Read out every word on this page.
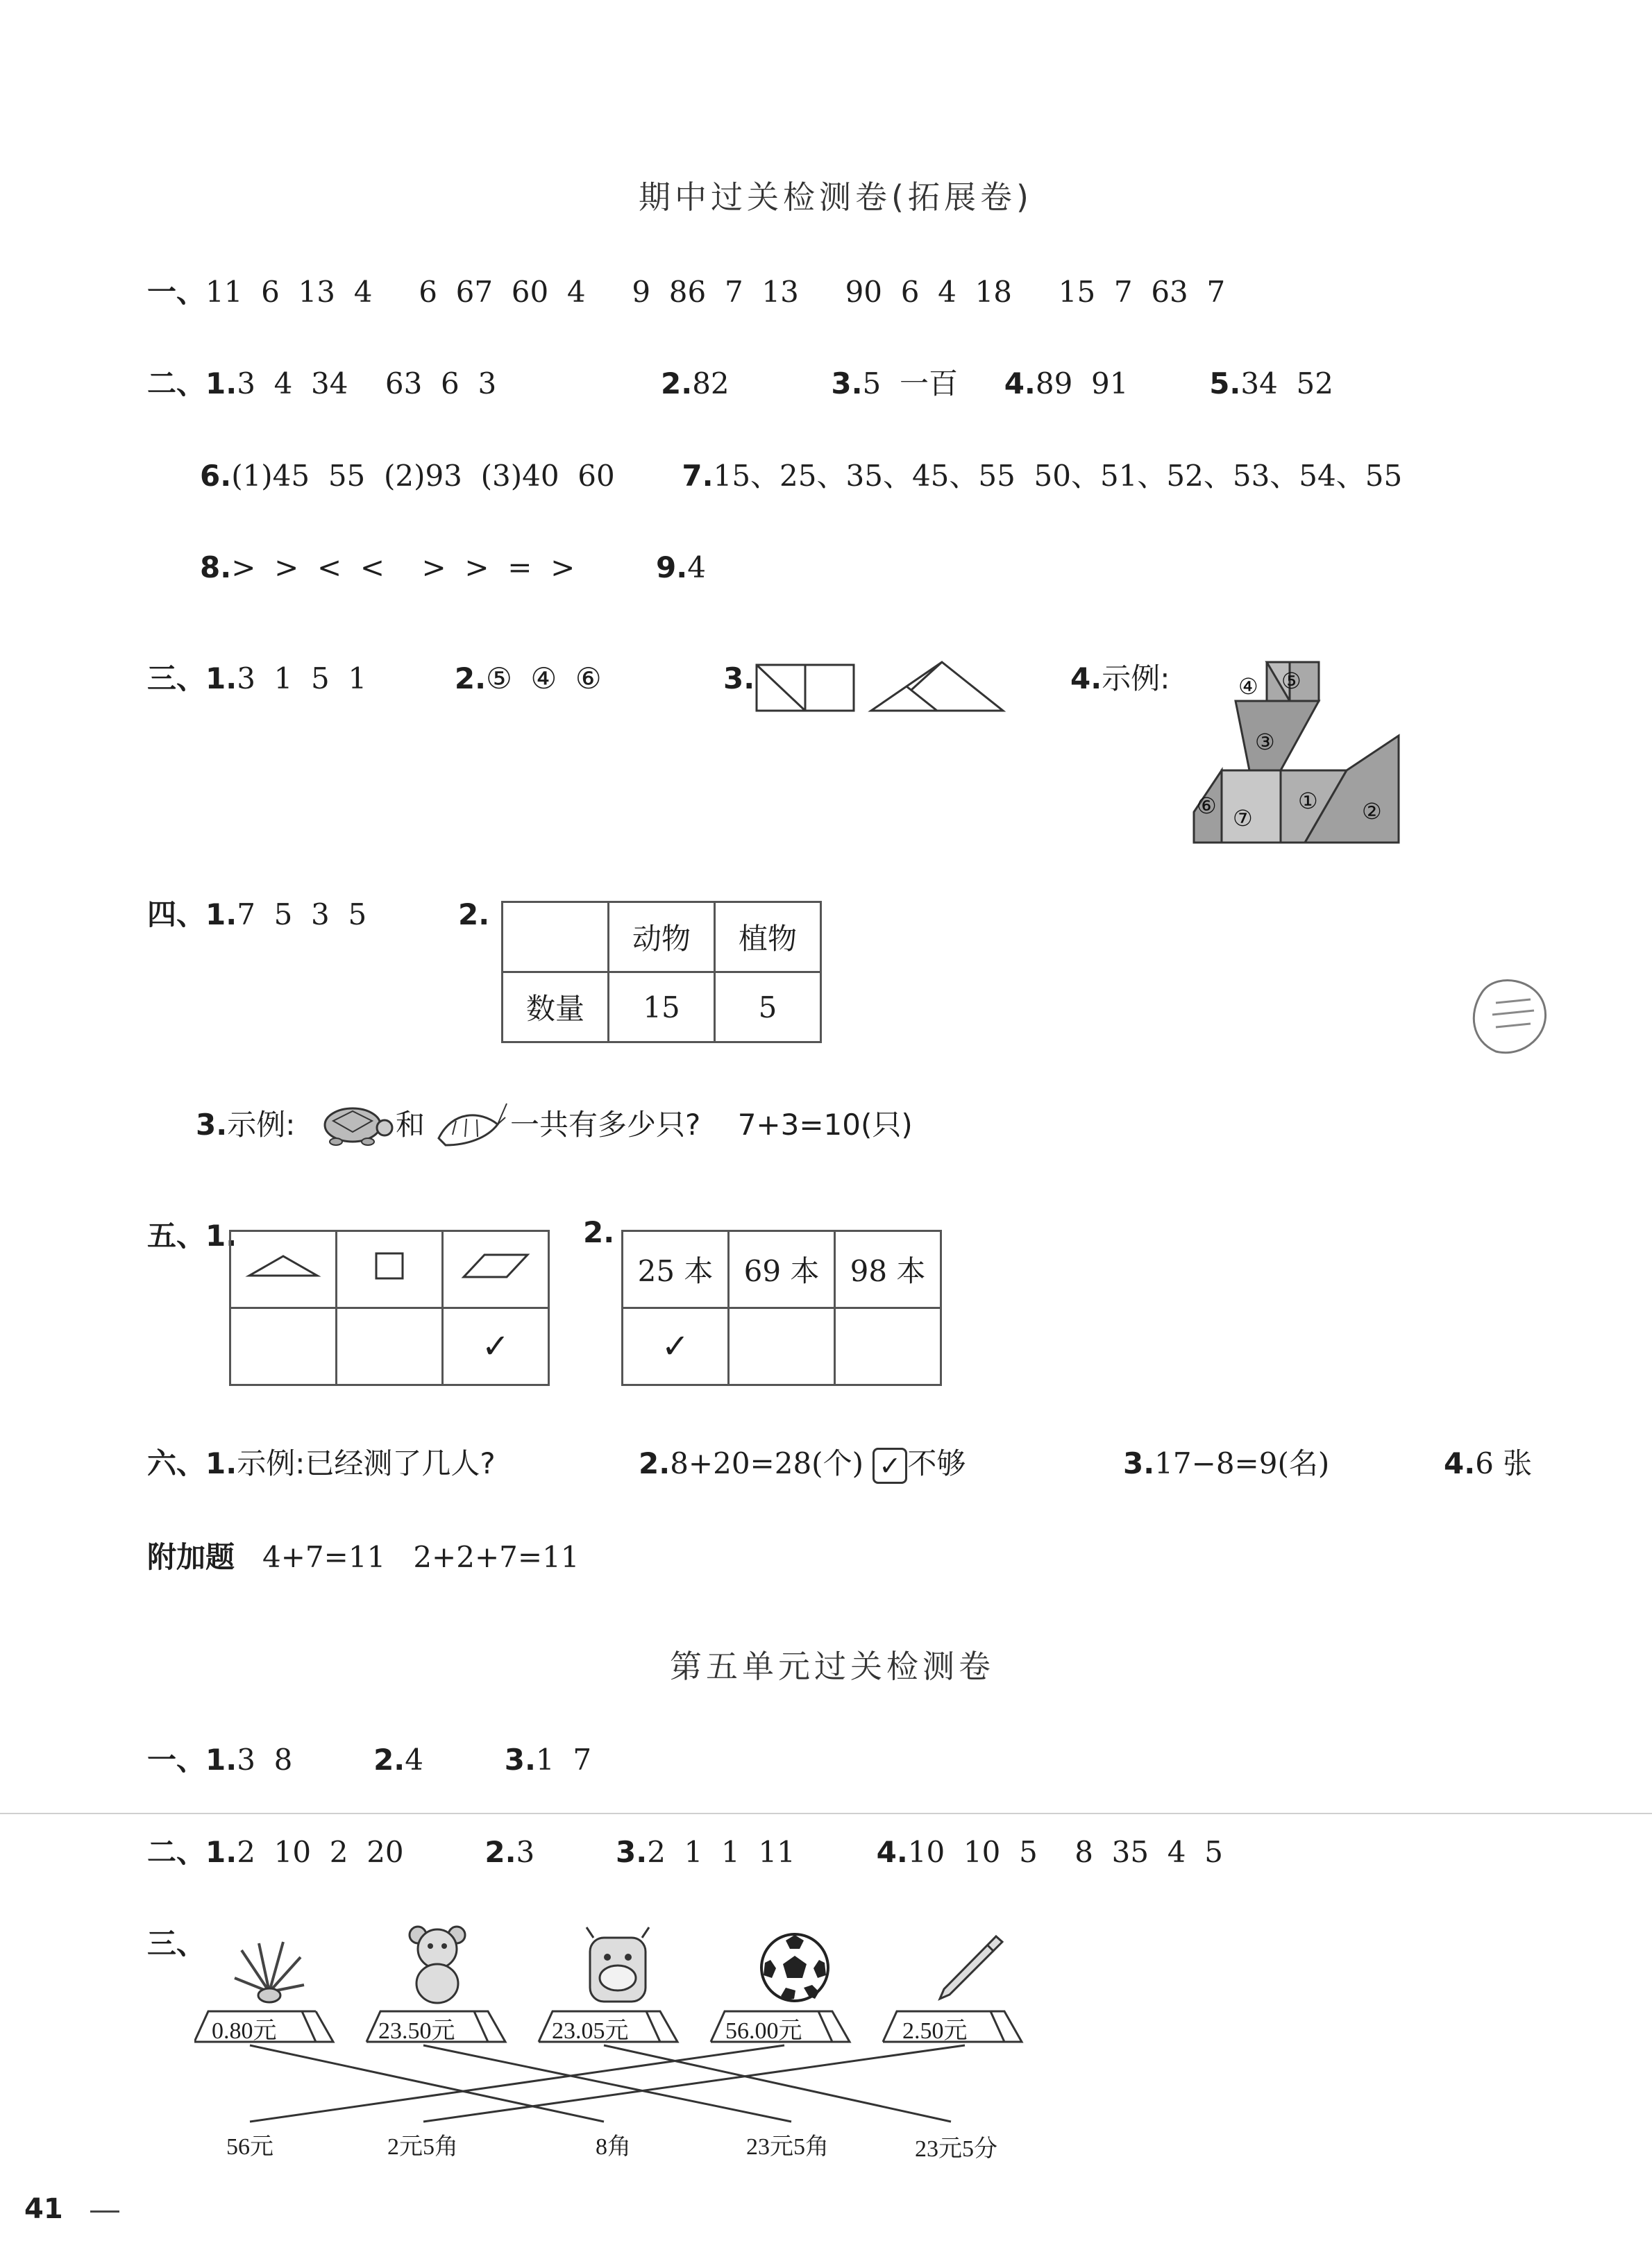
期中过关检测卷(拓展卷)
一、11  6  13  4     6  67  60  4     9  86  7  13     90  6  4  18     15  7  63  7
二、1.3  4  34    63  6  3	2.82	3.5  一百 4.89  91	5.34  52
6.(1)45  55  (2)93  (3)40  60 7.15、25、35、45、55  50、51、52、53、54、55
8.>  >  <  <    >  >  =  >	9.4
三、1.3  1  5  1	2.⑤  ④  ⑥	3.	4.示例:
① ②
③
④ ⑤
⑥ ⑦
四、1.7  5  3  5	2.
	动物	植物
数量	15	5
3.示例:	和	一共有多少只?    7+3=10(只)
五、1.

		✓
2.
25 本	69 本	98 本
✓		
六、1.示例:已经测了几人?	2.8+20=28(个) ✓ 不够	3.17−8=9(名)	4.6 张
附加题 4+7=11   2+2+7=11
第五单元过关检测卷
一、1.3  8	2.4	3.1  7
二、1.2  10  2  20	2.3	3.2  1  1  11	4.10  10  5    8  35  4  5
三、
0.80元	23.50元	23.05元	56.00元	2.50元
56元	2元5角	8角	23元5角	23元5分
41
